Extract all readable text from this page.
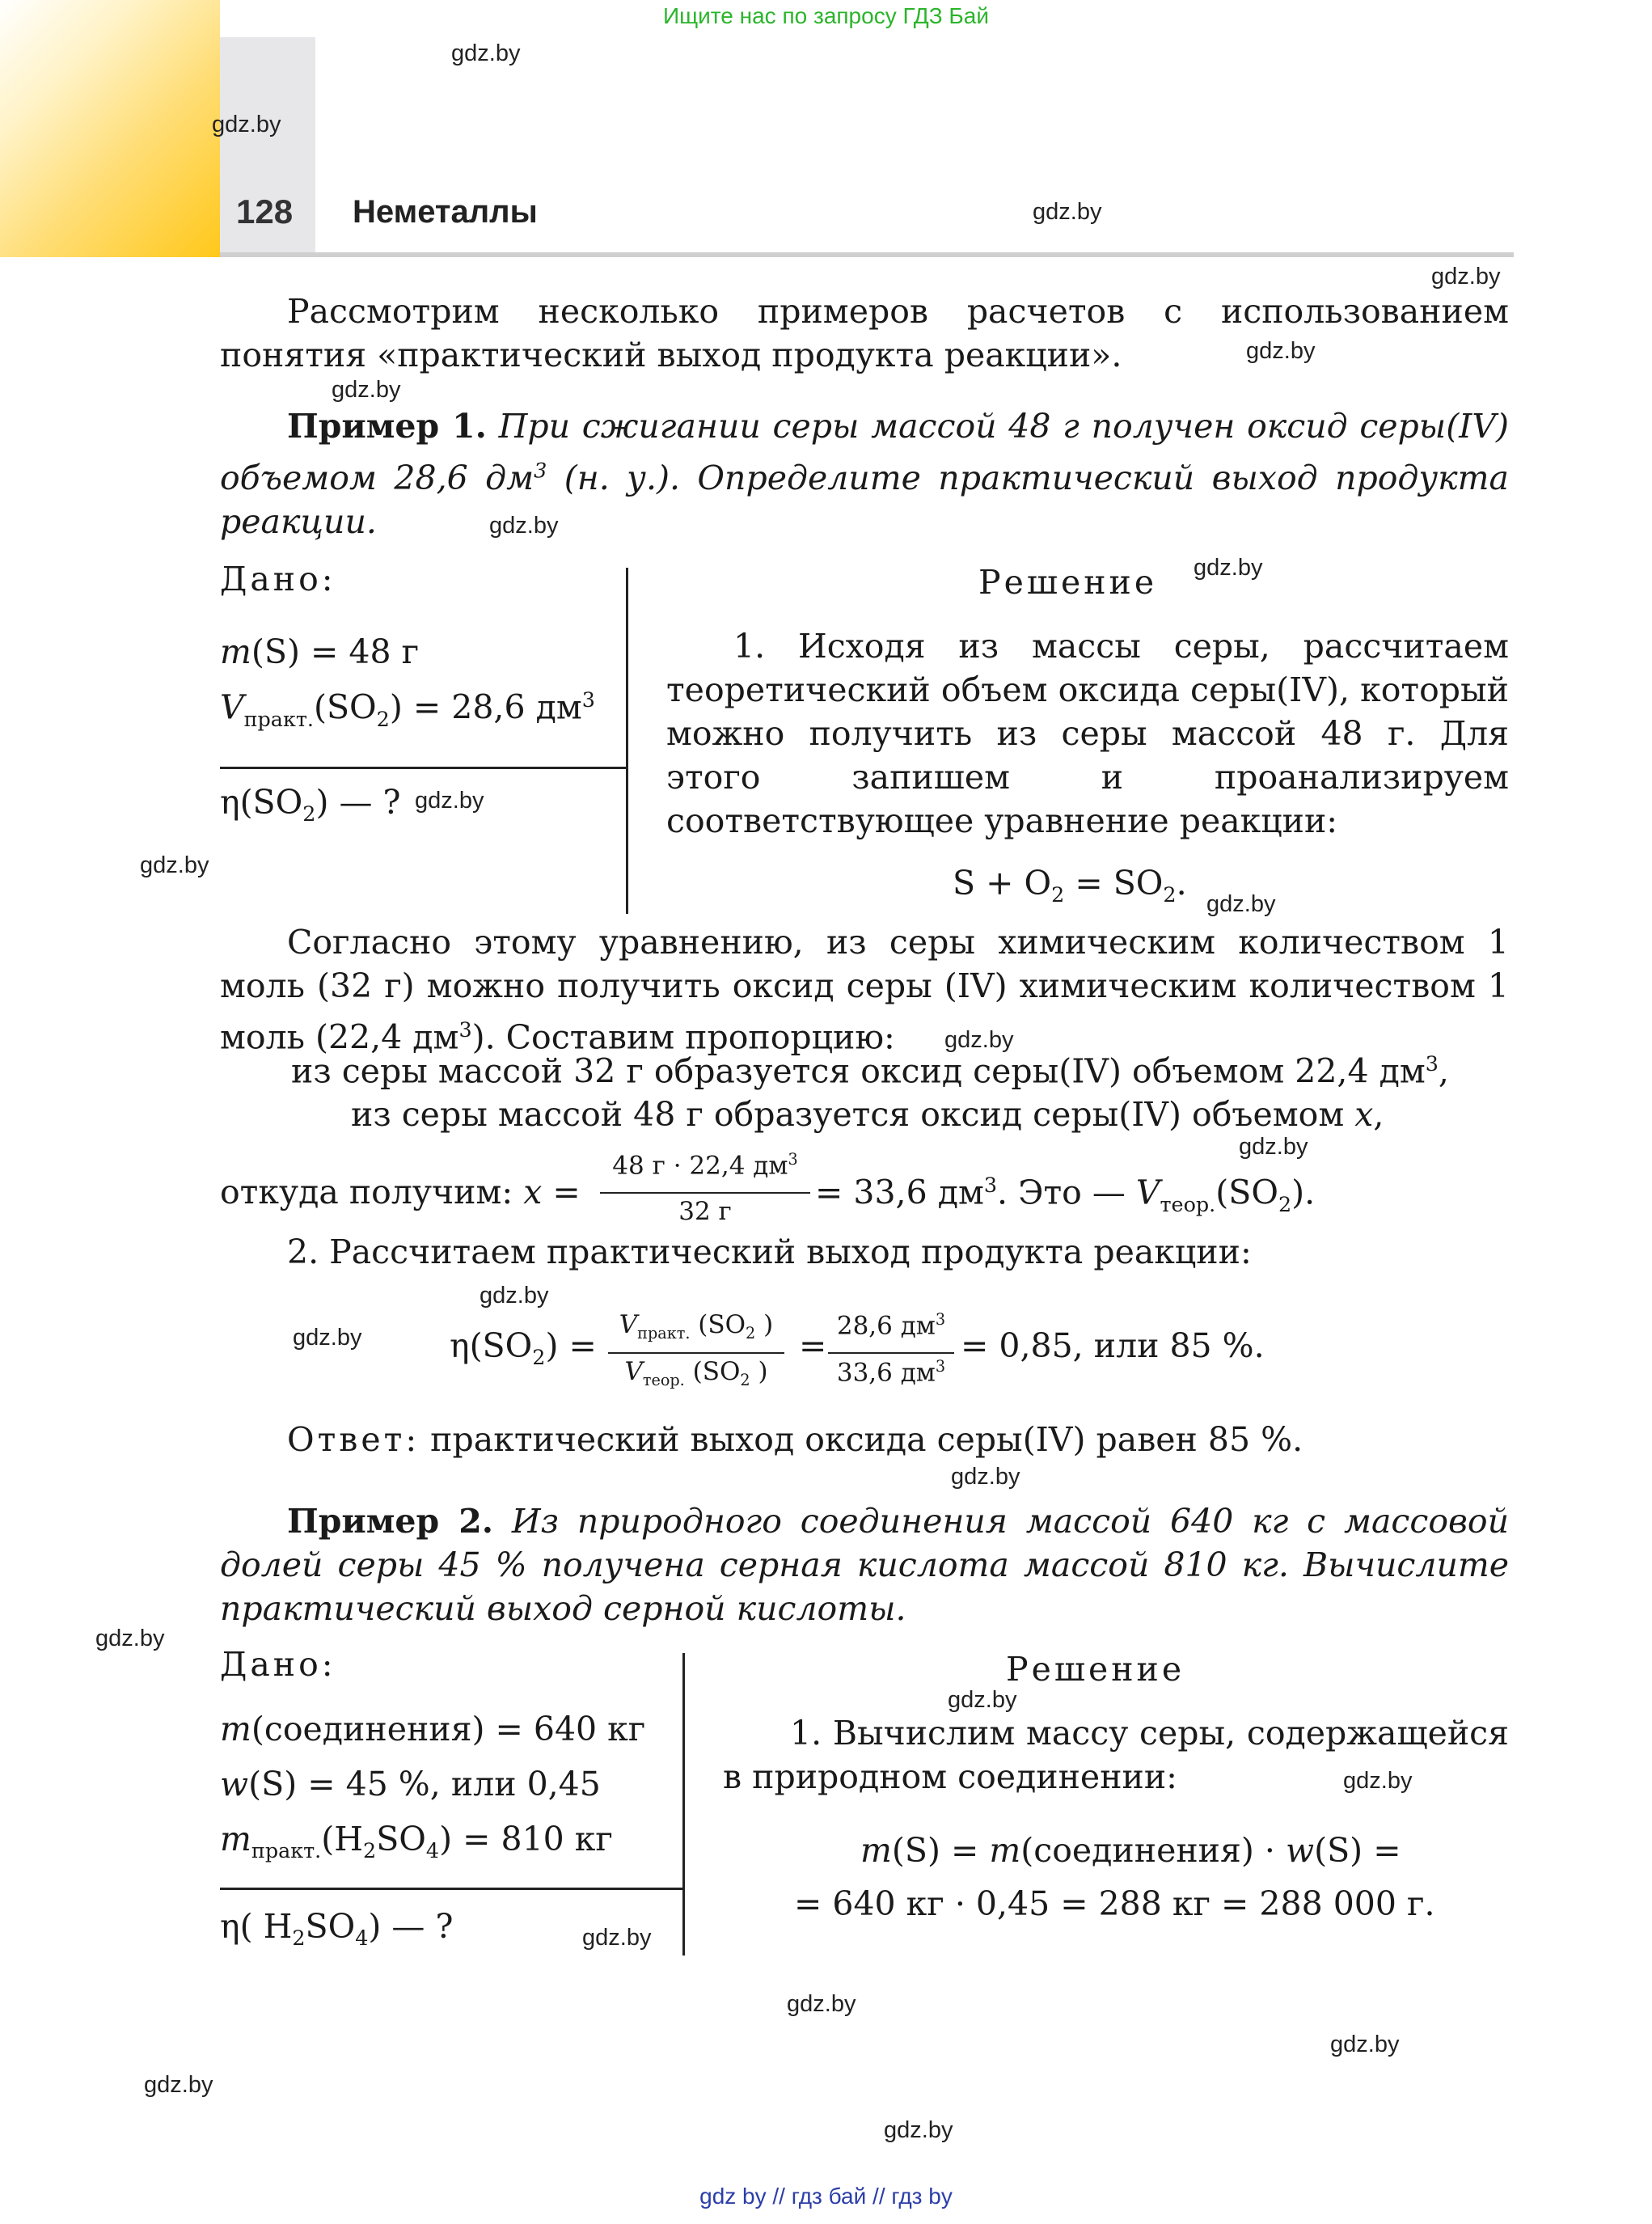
Ищите нас по запросу ГДЗ Бай
128 Неметаллы
gdz.by
gdz.by
gdz.by
gdz.by
gdz.by
gdz.by
gdz.by
gdz.by
gdz.by
gdz.by
gdz.by
gdz.by
gdz.by
gdz.by
gdz.by
gdz.by
gdz.by
gdz.by
gdz.by
gdz.by
gdz.by
gdz.by
gdz.by
gdz.by
Рассмотрим несколько примеров расчетов с использованием понятия «практический выход продукта реакции».
Пример 1. При сжигании серы массой 48 г получен оксид серы(IV) объемом 28,6 $дм^3$ (н. у.). Определите практический выход продукта реакции.
Дано:
m(S) = 48 г
$V_{практ.}(SO_2) = 28,6$ $дм^3$
$\eta(SO_2)$ — ?
Решение
1. Исходя из массы серы, рассчитаем теоретический объем оксида серы(IV), который можно получить из серы массой 48 г. Для этого запишем и проанализируем соответствующее уравнение реакции:
$S + O_2 = SO_2$.
Согласно этому уравнению, из серы химическим количеством 1 моль (32 г) можно получить оксид серы (IV) химическим количеством 1 моль (22,4 $дм^3$). Составим пропорцию:
из серы массой 32 г образуется оксид серы(IV) объемом 22,4 $дм^3$,
из серы массой 48 г образуется оксид серы(IV) объемом x,
откуда получим: x =
48 г · 22,4 $дм^3$
32 г	= 33,6 $дм^3$. Это — $V_{теор.}(SO_2)$.
2. Рассчитаем практический выход продукта реакции:
$\eta(SO_2)$ =
$V_{практ.}$ ($SO_2$ )
$V_{теор.}$ ($SO_2$ )
=
28,6 $дм^3$
33,6 $дм^3$
= 0,85, или 85 %.
Ответ: практический выход оксида серы(IV) равен 85 %.
Пример 2. Из природного соединения массой 640 кг с массовой долей серы 45 % получена серная кислота массой 810 кг. Вычислите практический выход серной кислоты.
Дано:
m(соединения) = 640 кг
w(S) = 45 %, или 0,45
$m_{практ.}(H_2SO_4) = 810$ кг
η( $H_2SO_4$) — ?
Решение
1. Вычислим массу серы, содержащейся в природном соединении:
m(S) = m(соединения) · w(S) =
= 640 кг · 0,45 = 288 кг = 288 000 г.
gdz by // гдз бай // гдз by
